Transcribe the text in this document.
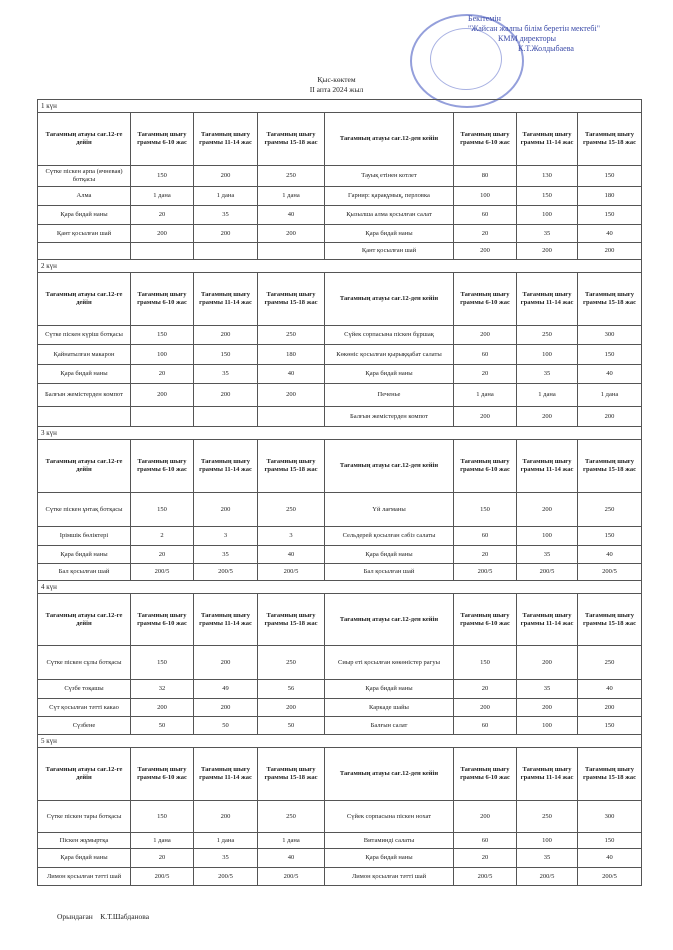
Бекітемін
"Жайсан жалпы білім беретін мектебі"
КММ директоры
К.Т.Жолдыбаева
Қыс-көктем
II апта 2024 жыл
1 күн							
Тағамның атауы сағ.12-ге дейін	Тағамның шығу граммы 6-10 жас	Тағамның шығу граммы 11-14 жас	Тағамның шығу граммы 15-18 жас	Тағамның атауы сағ.12-ден кейін	Тағамның шығу граммы 6-10 жас	Тағамның шығу граммы 11-14 жас	Тағамның шығу граммы 15-18 жас
Сүтке піскен арпа (ячневая) ботқасы	150	200	250	Тауық етінен котлет	80	130	150
Алма	1 дана	1 дана	1 дана	Гарнир: қарақұмық, перловка	100	150	180
Қара бидай наны	20	35	40	Қызылша алма қосылған салат	60	100	150
Қант қосылған шай	200	200	200	Қара бидай наны	20	35	40
				Қант қосылған шай	200	200	200
2 күн							
Тағамның атауы сағ.12-ге дейін	Тағамның шығу граммы 6-10 жас	Тағамның шығу граммы 11-14 жас	Тағамның шығу граммы 15-18 жас	Тағамның атауы сағ.12-ден кейін	Тағамның шығу граммы 6-10 жас	Тағамның шығу граммы 11-14 жас	Тағамның шығу граммы 15-18 жас
Сүтке піскен күріш ботқасы	150	200	250	Сүйек сорпасына піскен бұршақ	200	250	300
Қайнатылған макарон	100	150	180	Көкөніс қосылған қырыққабат салаты	60	100	150
Қара бидай наны	20	35	40	Қара бидай наны	20	35	40
Балғын жемістерден компот	200	200	200	Печенье	1 дана	1 дана	1 дана
				Балғын жемістерден компот	200	200	200
3 күн							
Тағамның атауы сағ.12-ге дейін	Тағамның шығу граммы 6-10 жас	Тағамның шығу граммы 11-14 жас	Тағамның шығу граммы 15-18 жас	Тағамның атауы сағ.12-ден кейін	Тағамның шығу граммы 6-10 жас	Тағамның шығу граммы 11-14 жас	Тағамның шығу граммы 15-18 жас
Сүтке піскен ұнтақ ботқасы	150	200	250	Үй лағманы	150	200	250
Ірімшік бөліктері	2	3	3	Сельдерей қосылған сәбіз салаты	60	100	150
Қара бидай наны	20	35	40	Қара бидай наны	20	35	40
Бал қосылған шай	200/5	200/5	200/5	Бал қосылған шай	200/5	200/5	200/5
4 күн							
Тағамның атауы сағ.12-ге дейін	Тағамның шығу граммы 6-10 жас	Тағамның шығу граммы 11-14 жас	Тағамның шығу граммы 15-18 жас	Тағамның атауы сағ.12-ден кейін	Тағамның шығу граммы 6-10 жас	Тағамның шығу граммы 11-14 жас	Тағамның шығу граммы 15-18 жас
Сүтке піскен сұлы ботқасы	150	200	250	Сиыр еті қосылған көкөністер рагуы	150	200	250
Сүзбе тоқашы	32	49	56	Қара бидай наны	20	35	40
Сүт қосылған тәтті какао	200	200	200	Каркаде шайы	200	200	200
Сүзбене	50	50	50	Балғын салат	60	100	150
5 күн							
Тағамның атауы сағ.12-ге дейін	Тағамның шығу граммы 6-10 жас	Тағамның шығу граммы 11-14 жас	Тағамның шығу граммы 15-18 жас	Тағамның атауы сағ.12-ден кейін	Тағамның шығу граммы 6-10 жас	Тағамның шығу граммы 11-14 жас	Тағамның шығу граммы 15-18 жас
Сүтке піскен тары ботқасы	150	200	250	Сүйек сорпасына піскен нохат	200	250	300
Піскен жұмыртқа	1 дана	1 дана	1 дана	Витаминді салаты	60	100	150
Қара бидай наны	20	35	40	Қара бидай наны	20	35	40
Лимон қосылған тәтті шай	200/5	200/5	200/5	Лимон қосылған тәтті шай	200/5	200/5	200/5
Орындаған К.Т.Шабданова
